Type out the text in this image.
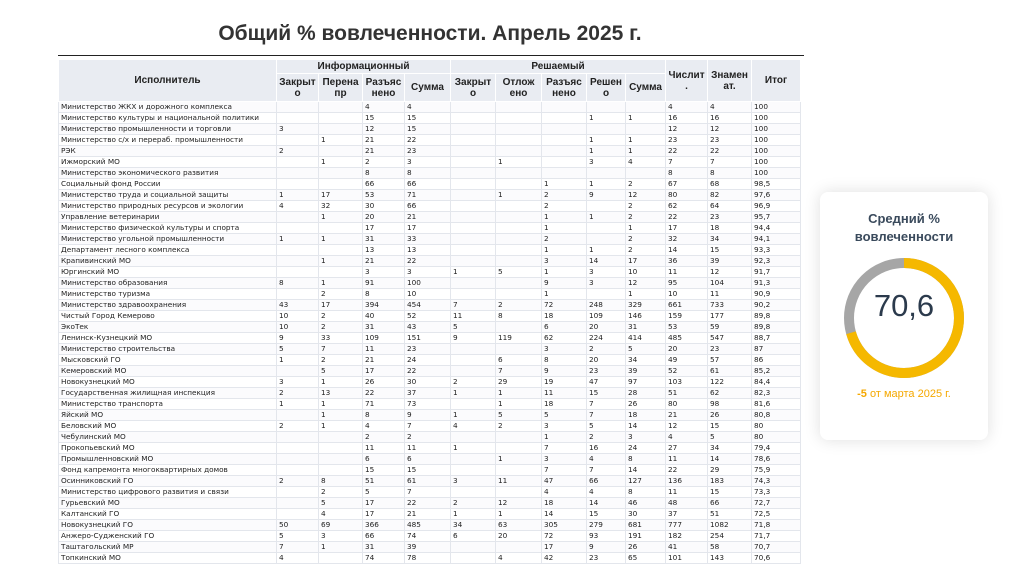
Общий % вовлеченности. Апрель 2025 г.
Исполнитель	Информационный				Решаемый					Числит .	Знамен ат.	Итог
	Закрыт о	Перена пр	Разъяс нено	Сумма	Закрыт о	Отлож ено	Разъяс нено	Решен о	Сумма			
Министерство ЖКХ и дорожного комплекса			4	4						4	4	100
Министерство культуры и национальной политики			15	15				1	1	16	16	100
Министерство промышленности и торговли	3		12	15						12	12	100
Министерство с/х и перераб. промышленности		1	21	22				1	1	23	23	100
РЭК	2		21	23				1	1	22	22	100
Ижморский МО		1	2	3		1		3	4	7	7	100
Министерство экономического развития			8	8						8	8	100
Социальный фонд России			66	66			1	1	2	67	68	98,5
Министерство труда и социальной защиты	1	17	53	71		1	2	9	12	80	82	97,6
Министерство природных ресурсов и экологии	4	32	30	66			2		2	62	64	96,9
Управление ветеринарии		1	20	21			1	1	2	22	23	95,7
Министерство физической культуры и спорта			17	17			1		1	17	18	94,4
Министерство угольной промышленности	1	1	31	33			2		2	32	34	94,1
Департамент лесного комплекса			13	13			1	1	2	14	15	93,3
Крапивинский МО		1	21	22			3	14	17	36	39	92,3
Юргинский МО			3	3	1	5	1	3	10	11	12	91,7
Министерство образования	8	1	91	100			9	3	12	95	104	91,3
Министерство туризма		2	8	10			1		1	10	11	90,9
Министерство здравоохранения	43	17	394	454	7	2	72	248	329	661	733	90,2
Чистый Город Кемерово	10	2	40	52	11	8	18	109	146	159	177	89,8
ЭкоТек	10	2	31	43	5		6	20	31	53	59	89,8
Ленинск-Кузнецкий МО	9	33	109	151	9	119	62	224	414	485	547	88,7
Министерство строительства	5	7	11	23			3	2	5	20	23	87
Мысковский ГО	1	2	21	24		6	8	20	34	49	57	86
Кемеровский МО		5	17	22		7	9	23	39	52	61	85,2
Новокузнецкий МО	3	1	26	30	2	29	19	47	97	103	122	84,4
Государственная жилищная инспекция	2	13	22	37	1	1	11	15	28	51	62	82,3
Министерство транспорта	1	1	71	73		1	18	7	26	80	98	81,6
Яйский МО		1	8	9	1	5	5	7	18	21	26	80,8
Беловский МО	2	1	4	7	4	2	3	5	14	12	15	80
Чебулинский МО			2	2			1	2	3	4	5	80
Прокопьевский МО			11	11	1		7	16	24	27	34	79,4
Промышленновский МО			6	6		1	3	4	8	11	14	78,6
Фонд капремонта многоквартирных домов			15	15			7	7	14	22	29	75,9
Осинниковский ГО	2	8	51	61	3	11	47	66	127	136	183	74,3
Министерство цифрового развития и связи		2	5	7			4	4	8	11	15	73,3
Гурьевский МО		5	17	22	2	12	18	14	46	48	66	72,7
Калтанский ГО		4	17	21	1	1	14	15	30	37	51	72,5
Новокузнецкий ГО	50	69	366	485	34	63	305	279	681	777	1082	71,8
Анжеро-Судженский ГО	5	3	66	74	6	20	72	93	191	182	254	71,7
Таштагольский МР	7	1	31	39			17	9	26	41	58	70,7
Топкинский МО	4		74	78		4	42	23	65	101	143	70,6
Средний % вовлеченности
70,6
-5 от марта 2025 г.
